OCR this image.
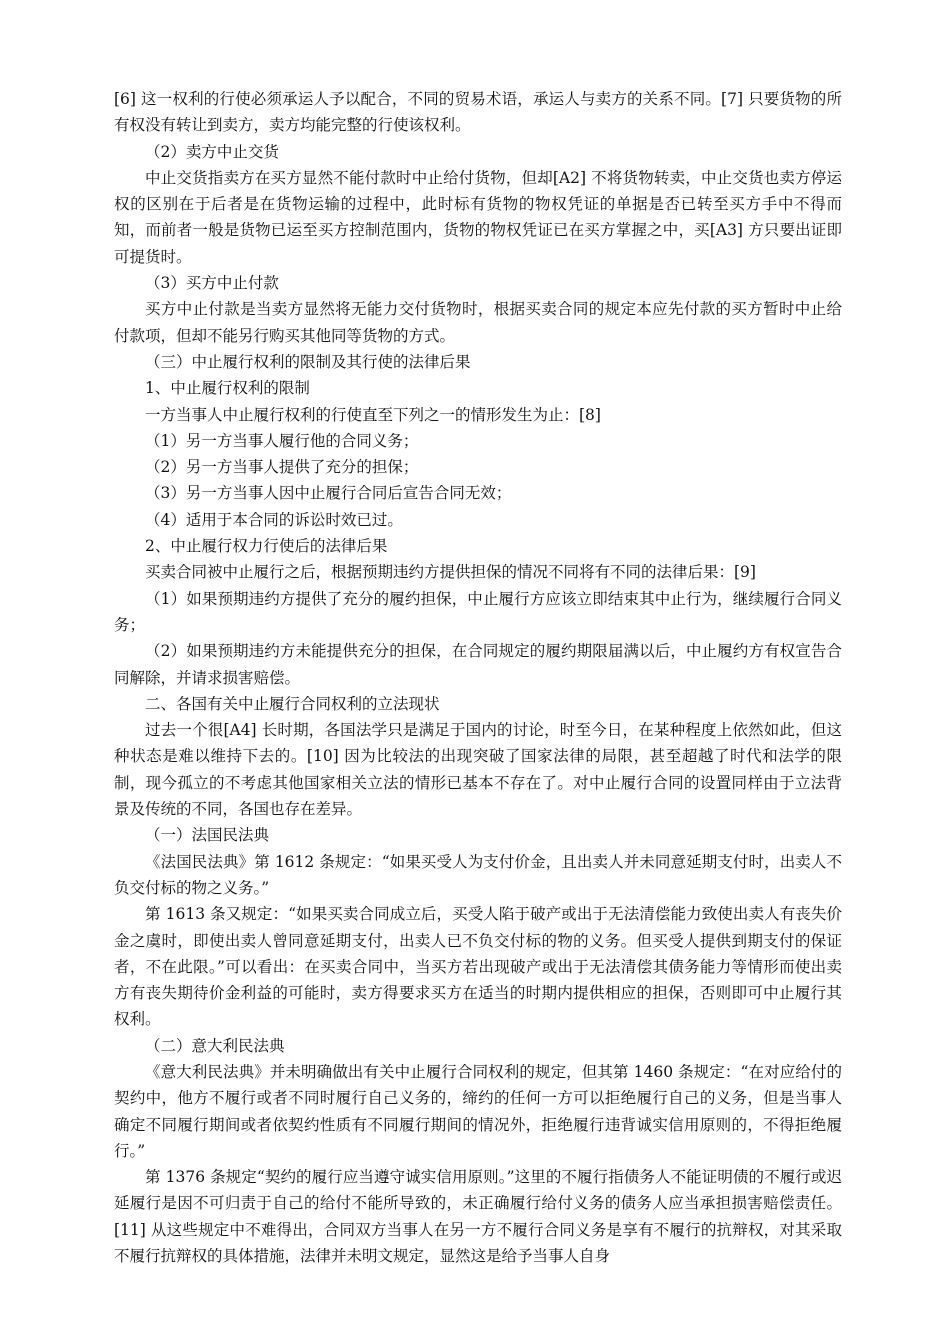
[6] 这一权利的行使必须承运人予以配合，不同的贸易术语，承运人与卖方的关系不同。[7] 只要货物的所有权没有转让到卖方，卖方均能完整的行使该权利。

（2）卖方中止交货

中止交货指卖方在买方显然不能付款时中止给付货物，但却[A2] 不将货物转卖，中止交货也卖方停运权的区别在于后者是在货物运输的过程中，此时标有货物的物权凭证的单据是否已转至买方手中不得而知，而前者一般是货物已运至买方控制范围内，货物的物权凭证已在买方掌握之中，买[A3] 方只要出证即可提货时。

（3）买方中止付款

买方中止付款是当卖方显然将无能力交付货物时，根据买卖合同的规定本应先付款的买方暂时中止给付款项，但却不能另行购买其他同等货物的方式。

（三）中止履行权利的限制及其行使的法律后果

1、中止履行权利的限制

一方当事人中止履行权利的行使直至下列之一的情形发生为止：[8]

（1）另一方当事人履行他的合同义务；

（2）另一方当事人提供了充分的担保；

（3）另一方当事人因中止履行合同后宣告合同无效；

（4）适用于本合同的诉讼时效已过。

2、中止履行权力行使后的法律后果

买卖合同被中止履行之后，根据预期违约方提供担保的情况不同将有不同的法律后果：[9]

（1）如果预期违约方提供了充分的履约担保，中止履行方应该立即结束其中止行为，继续履行合同义务；

（2）如果预期违约方未能提供充分的担保，在合同规定的履约期限届满以后，中止履约方有权宣告合同解除，并请求损害赔偿。

二、各国有关中止履行合同权利的立法现状

过去一个很[A4] 长时期，各国法学只是满足于国内的讨论，时至今日，在某种程度上依然如此，但这种状态是难以维持下去的。[10] 因为比较法的出现突破了国家法律的局限，甚至超越了时代和法学的限制，现今孤立的不考虑其他国家相关立法的情形已基本不存在了。对中止履行合同的设置同样由于立法背景及传统的不同，各国也存在差异。

（一）法国民法典

《法国民法典》第 1612 条规定：“如果买受人为支付价金，且出卖人并未同意延期支付时，出卖人不负交付标的物之义务。”

第 1613 条又规定：“如果买卖合同成立后，买受人陷于破产或出于无法清偿能力致使出卖人有丧失价金之虞时，即使出卖人曾同意延期支付，出卖人已不负交付标的物的义务。但买受人提供到期支付的保证者，不在此限。”可以看出：在买卖合同中，当买方若出现破产或出于无法清偿其债务能力等情形而使出卖方有丧失期待价金利益的可能时，卖方得要求买方在适当的时期内提供相应的担保，否则即可中止履行其权利。

（二）意大利民法典

《意大利民法典》并未明确做出有关中止履行合同权利的规定，但其第 1460 条规定：“在对应给付的契约中，他方不履行或者不同时履行自己义务的，缔约的任何一方可以拒绝履行自己的义务，但是当事人确定不同履行期间或者依契约性质有不同履行期间的情况外，拒绝履行违背诚实信用原则的，不得拒绝履行。”

第 1376 条规定“契约的履行应当遵守诚实信用原则。”这里的不履行指债务人不能证明债的不履行或迟延履行是因不可归责于自己的给付不能所导致的，未正确履行给付义务的债务人应当承担损害赔偿责任。[11] 从这些规定中不难得出，合同双方当事人在另一方不履行合同义务是享有不履行的抗辩权，对其采取不履行抗辩权的具体措施，法律并未明文规定，显然这是给予当事人自身
